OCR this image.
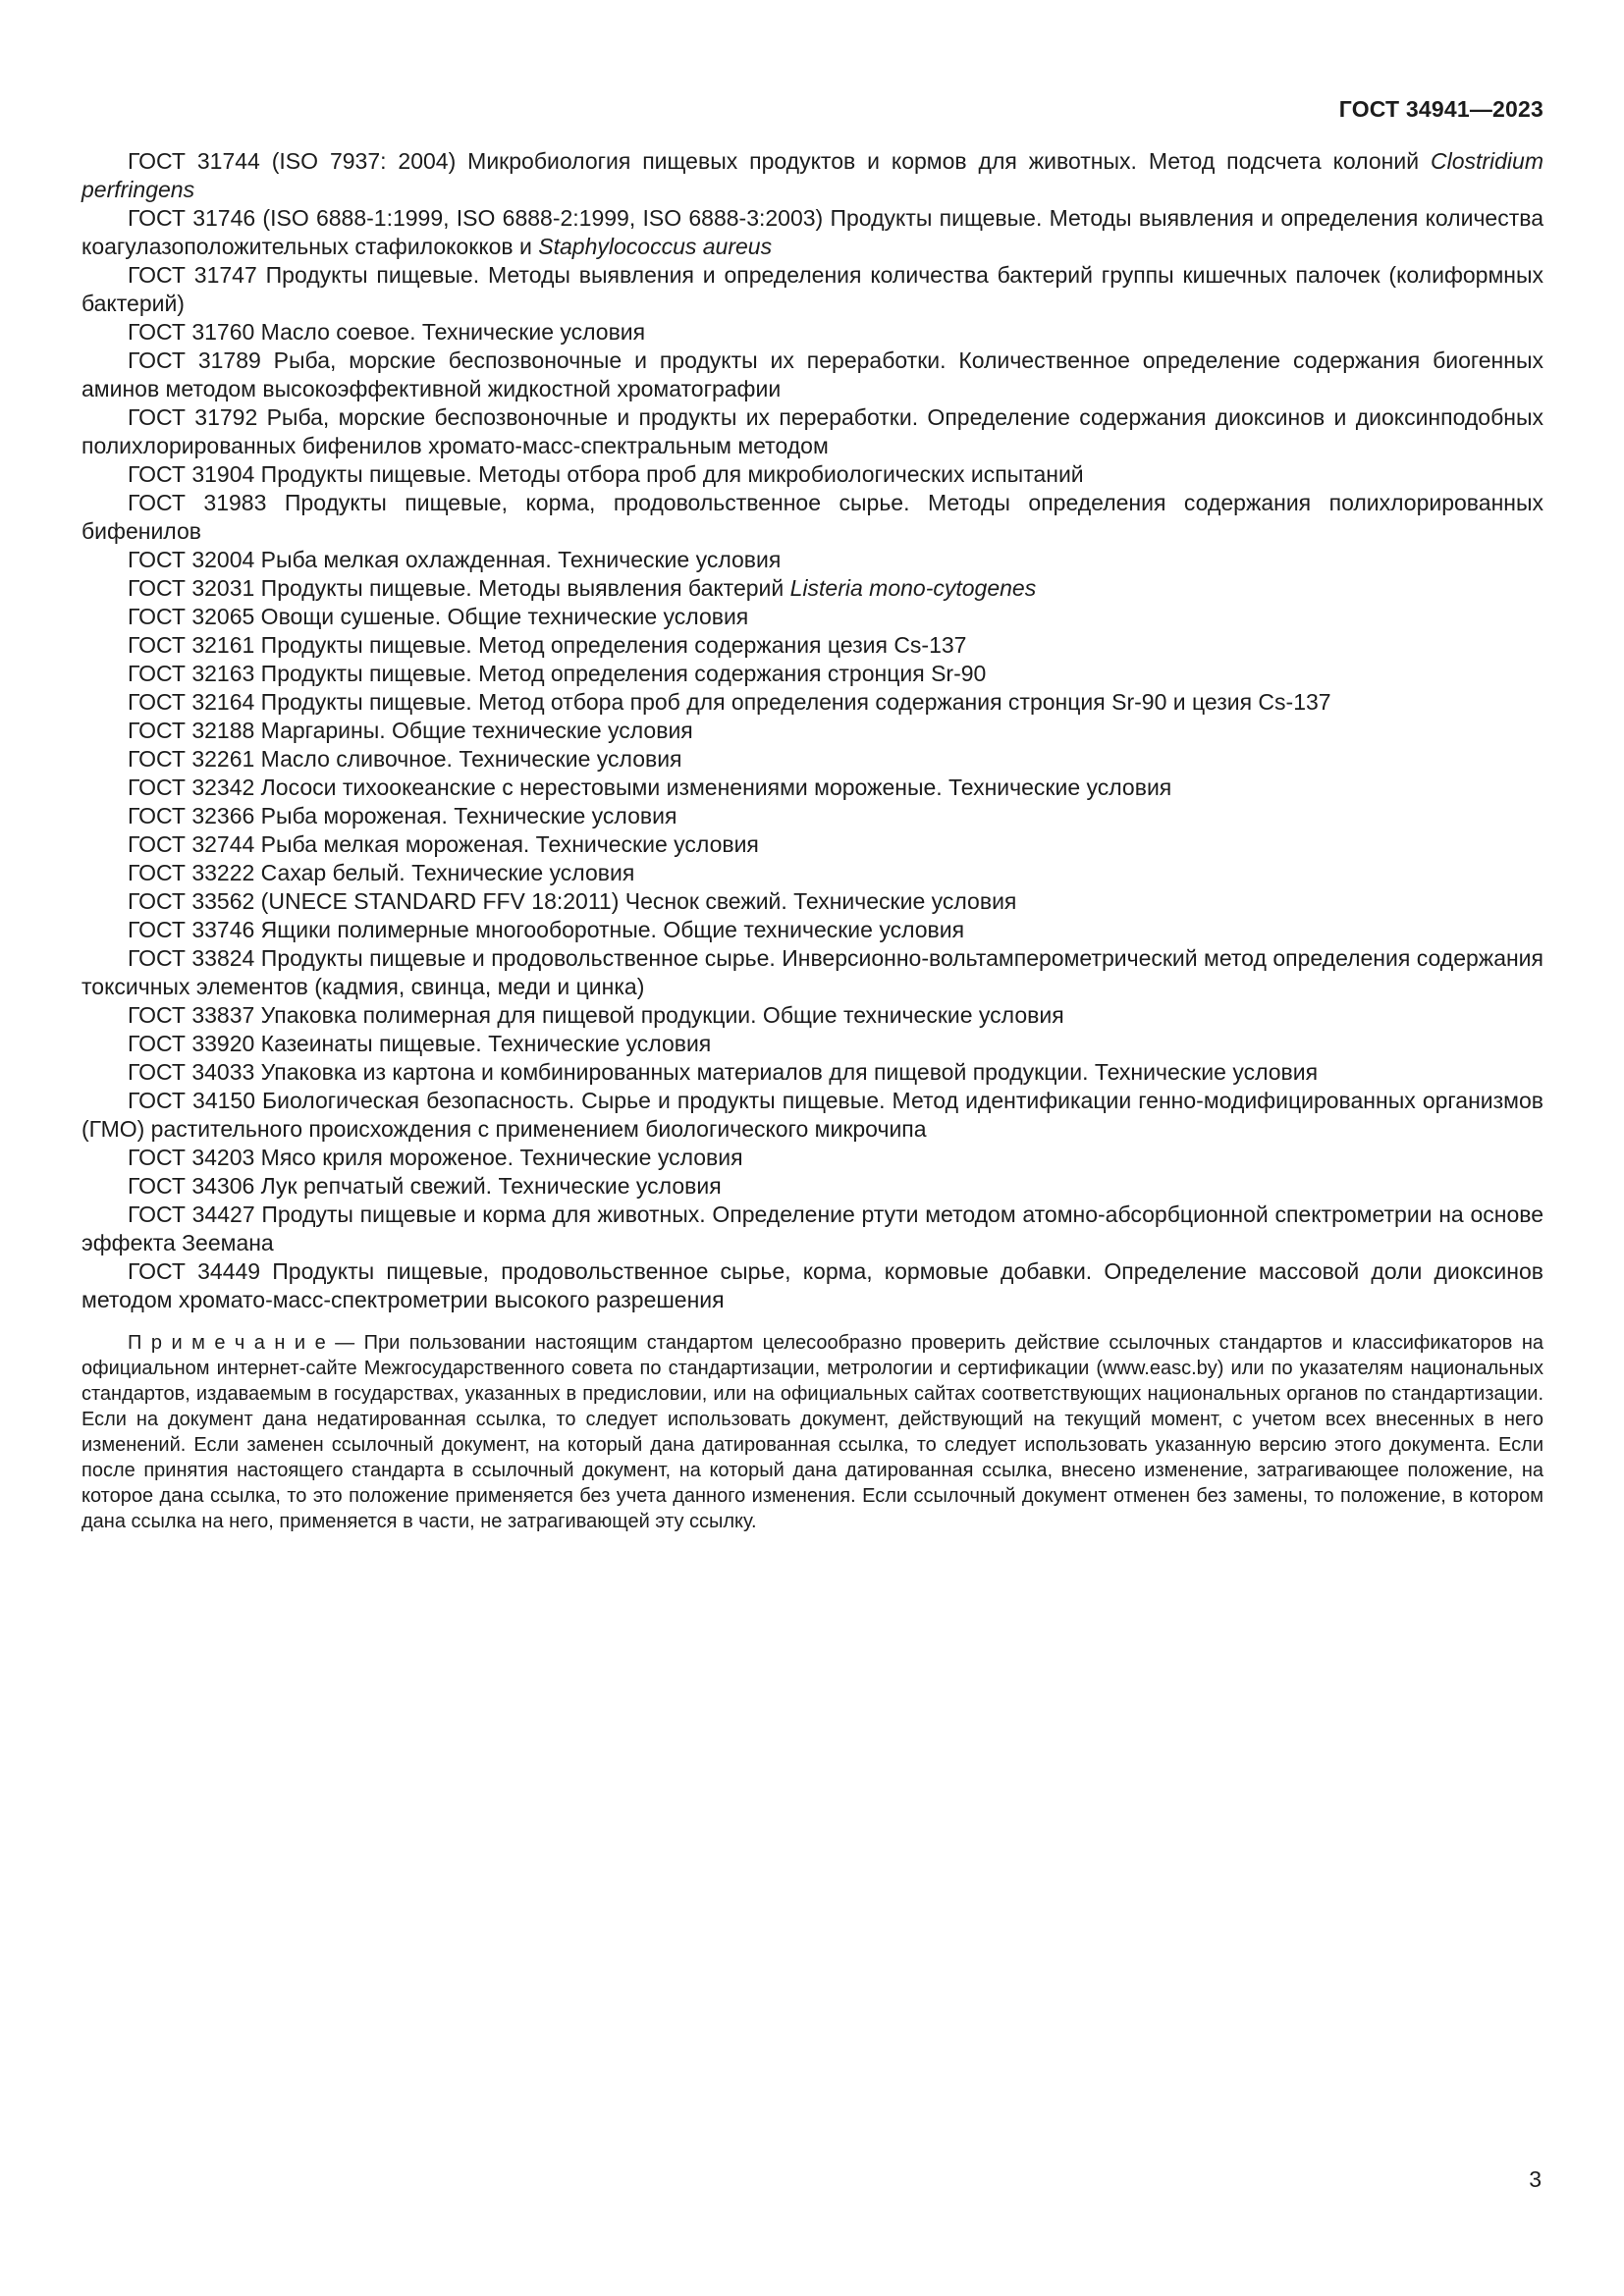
ГОСТ 34941—2023

ГОСТ 31744 (ISO 7937: 2004) Микробиология пищевых продуктов и кормов для животных. Метод подсчета колоний Clostridium perfringens

ГОСТ 31746 (ISO 6888-1:1999, ISO 6888-2:1999, ISO 6888-3:2003) Продукты пищевые. Методы выявления и определения количества коагулазоположительных стафилококков и Staphylococcus aureus

ГОСТ 31747 Продукты пищевые. Методы выявления и определения количества бактерий группы кишечных палочек (колиформных бактерий)

ГОСТ 31760 Масло соевое. Технические условия

ГОСТ 31789 Рыба, морские беспозвоночные и продукты их переработки. Количественное определение содержания биогенных аминов методом высокоэффективной жидкостной хроматографии

ГОСТ 31792 Рыба, морские беспозвоночные и продукты их переработки. Определение содержания диоксинов и диоксинподобных полихлорированных бифенилов хромато-масс-спектральным методом

ГОСТ 31904 Продукты пищевые. Методы отбора проб для микробиологических испытаний

ГОСТ 31983 Продукты пищевые, корма, продовольственное сырье. Методы определения содержания полихлорированных бифенилов

ГОСТ 32004 Рыба мелкая охлажденная. Технические условия

ГОСТ 32031 Продукты пищевые. Методы выявления бактерий Listeria mono-cytogenes

ГОСТ 32065 Овощи сушеные. Общие технические условия

ГОСТ 32161 Продукты пищевые. Метод определения содержания цезия Cs-137

ГОСТ 32163 Продукты пищевые. Метод определения содержания стронция Sr-90

ГОСТ 32164 Продукты пищевые. Метод отбора проб для определения содержания стронция Sr-90 и цезия Cs-137

ГОСТ 32188 Маргарины. Общие технические условия

ГОСТ 32261 Масло сливочное. Технические условия

ГОСТ 32342 Лососи тихоокеанские с нерестовыми изменениями мороженые. Технические условия

ГОСТ 32366 Рыба мороженая. Технические условия

ГОСТ 32744 Рыба мелкая мороженая. Технические условия

ГОСТ 33222 Сахар белый. Технические условия

ГОСТ 33562 (UNECE STANDARD FFV 18:2011) Чеснок свежий. Технические условия

ГОСТ 33746 Ящики полимерные многооборотные. Общие технические условия

ГОСТ 33824 Продукты пищевые и продовольственное сырье. Инверсионно-вольтамперометрический метод определения содержания токсичных элементов (кадмия, свинца, меди и цинка)

ГОСТ 33837 Упаковка полимерная для пищевой продукции. Общие технические условия

ГОСТ 33920 Казеинаты пищевые. Технические условия

ГОСТ 34033 Упаковка из картона и комбинированных материалов для пищевой продукции. Технические условия

ГОСТ 34150 Биологическая безопасность. Сырье и продукты пищевые. Метод идентификации генно-модифицированных организмов (ГМО) растительного происхождения с применением биологического микрочипа

ГОСТ 34203 Мясо криля мороженое. Технические условия

ГОСТ 34306 Лук репчатый свежий. Технические условия

ГОСТ 34427 Продуты пищевые и корма для животных. Определение ртути методом атомно-абсорбционной спектрометрии на основе эффекта Зеемана

ГОСТ 34449 Продукты пищевые, продовольственное сырье, корма, кормовые добавки. Определение массовой доли диоксинов методом хромато-масс-спектрометрии высокого разрешения

П р и м е ч а н и е — При пользовании настоящим стандартом целесообразно проверить действие ссылочных стандартов и классификаторов на официальном интернет-сайте Межгосударственного совета по стандартизации, метрологии и сертификации (www.easc.by) или по указателям национальных стандартов, издаваемым в государствах, указанных в предисловии, или на официальных сайтах соответствующих национальных органов по стандартизации. Если на документ дана недатированная ссылка, то следует использовать документ, действующий на текущий момент, с учетом всех внесенных в него изменений. Если заменен ссылочный документ, на который дана датированная ссылка, то следует использовать указанную версию этого документа. Если после принятия настоящего стандарта в ссылочный документ, на который дана датированная ссылка, внесено изменение, затрагивающее положение, на которое дана ссылка, то это положение применяется без учета данного изменения. Если ссылочный документ отменен без замены, то положение, в котором дана ссылка на него, применяется в части, не затрагивающей эту ссылку.

3
